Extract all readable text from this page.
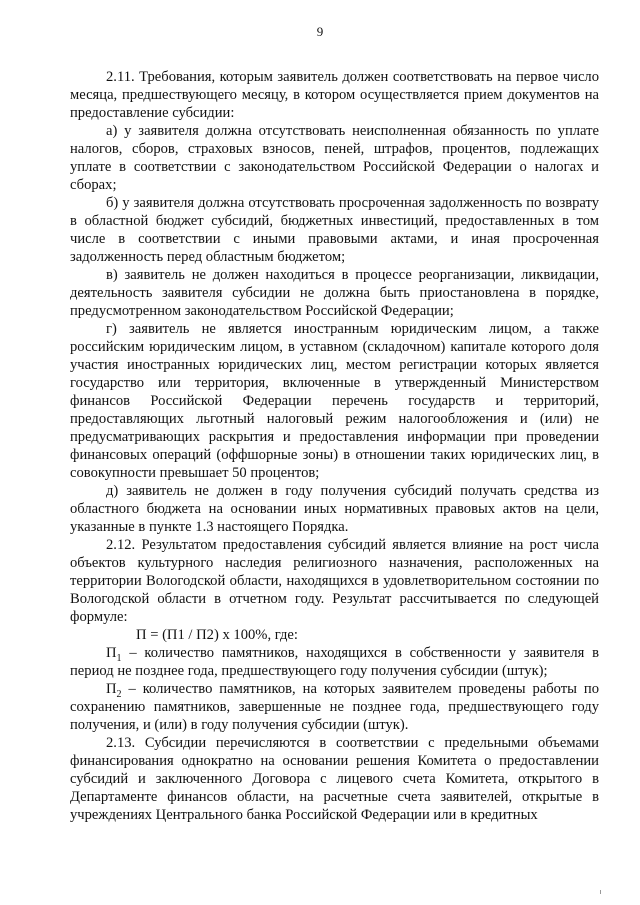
9

2.11. Требования, которым заявитель должен соответствовать на первое число месяца, предшествующего месяцу, в котором осуществляется прием документов на предоставление субсидии:

а) у заявителя должна отсутствовать неисполненная обязанность по уплате налогов, сборов, страховых взносов, пеней, штрафов, процентов, подлежащих уплате в соответствии с законодательством Российской Федерации о налогах и сборах;

б) у заявителя должна отсутствовать просроченная задолженность по возврату в областной бюджет субсидий, бюджетных инвестиций, предоставленных в том числе в соответствии с иными правовыми актами, и иная просроченная задолженность перед областным бюджетом;

в) заявитель не должен находиться в процессе реорганизации, ликвидации, деятельность заявителя субсидии не должна быть приостановлена в порядке, предусмотренном законодательством Российской Федерации;

г) заявитель не является иностранным юридическим лицом, а также российским юридическим лицом, в уставном (складочном) капитале которого доля участия иностранных юридических лиц, местом регистрации которых является государство или территория, включенные в утвержденный Министерством финансов Российской Федерации перечень государств и территорий, предоставляющих льготный налоговый режим налогообложения и (или) не предусматривающих раскрытия и предоставления информации при проведении финансовых операций (оффшорные зоны) в отношении таких юридических лиц, в совокупности превышает 50 процентов;

д) заявитель не должен в году получения субсидий получать средства из областного бюджета на основании иных нормативных правовых актов на цели, указанные в пункте 1.3 настоящего Порядка.

2.12. Результатом предоставления субсидий является влияние на рост числа объектов культурного наследия религиозного назначения, расположенных на территории Вологодской области, находящихся в удовлетворительном состоянии по Вологодской области в отчетном году. Результат рассчитывается по следующей формуле:

П = (П1 / П2) х 100%, где:

$П_1$ – количество памятников, находящихся в собственности у заявителя в период не позднее года, предшествующего году получения субсидии (штук);

$П_2$ – количество памятников, на которых заявителем проведены работы по сохранению памятников, завершенные не позднее года, предшествующего году получения, и (или) в году получения субсидии (штук).

2.13. Субсидии перечисляются в соответствии с предельными объемами финансирования однократно на основании решения Комитета о предоставлении субсидий и заключенного Договора с лицевого счета Комитета, открытого в Департаменте финансов области, на расчетные счета заявителей, открытые в учреждениях Центрального банка Российской Федерации или в кредитных
